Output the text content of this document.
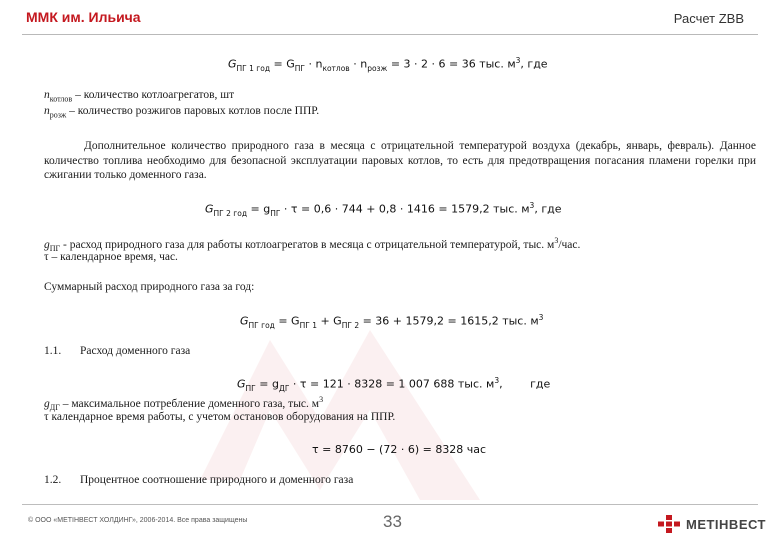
ММК им. Ильича	Расчет ZBB
$G_{ПГ 1 год} = G_{ПГ} \cdot n_{котлов} \cdot n_{розж} = 3 \cdot 2 \cdot 6 = 36$ тыс. $м^3$, где
$n_{котлов}$ – количество котлоагрегатов, шт
$n_{розж}$ – количество розжигов паровых котлов после ППР.
Дополнительное количество природного газа в месяца с отрицательной температурой воздуха (декабрь, январь, февраль). Данное количество топлива необходимо для безопасной эксплуатации паровых котлов, то есть для предотвращения погасания пламени горелки при сжигании только доменного газа.
$G_{ПГ 2 год} = g_{ПГ} \cdot \tau = 0,6 \cdot 744 + 0,8 \cdot 1416 = 1579,2$ тыс. $м^3$, где
$g_{ПГ}$ - расход природного газа для работы котлоагрегатов в месяца с отрицательной температурой, тыс. $м^3$/час.
τ – календарное время, час.
Суммарный расход природного газа за год:
$G_{ПГ год} = G_{ПГ 1} + G_{ПГ 2} = 36 + 1579,2 = 1615,2$ тыс. $м^3$
1.1. Расход доменного газа
$G_{ПГ} = g_{ДГ} \cdot \tau = 121 \cdot 8328 = 1$ 007 688 тыс. $м^3$,	где
$g_{ДГ}$ – максимальное потребление доменного газа, тыс. $м^3$
τ календарное время работы, с учетом остановов оборудования на ППР.
τ = 8760 − (72 · 6) = 8328 час
1.2. Процентное соотношение природного и доменного газа
© ООО «МЕТІНВЕСТ ХОЛДИНГ», 2006-2014. Все права защищены	33	МЕТІНВЕСТ
